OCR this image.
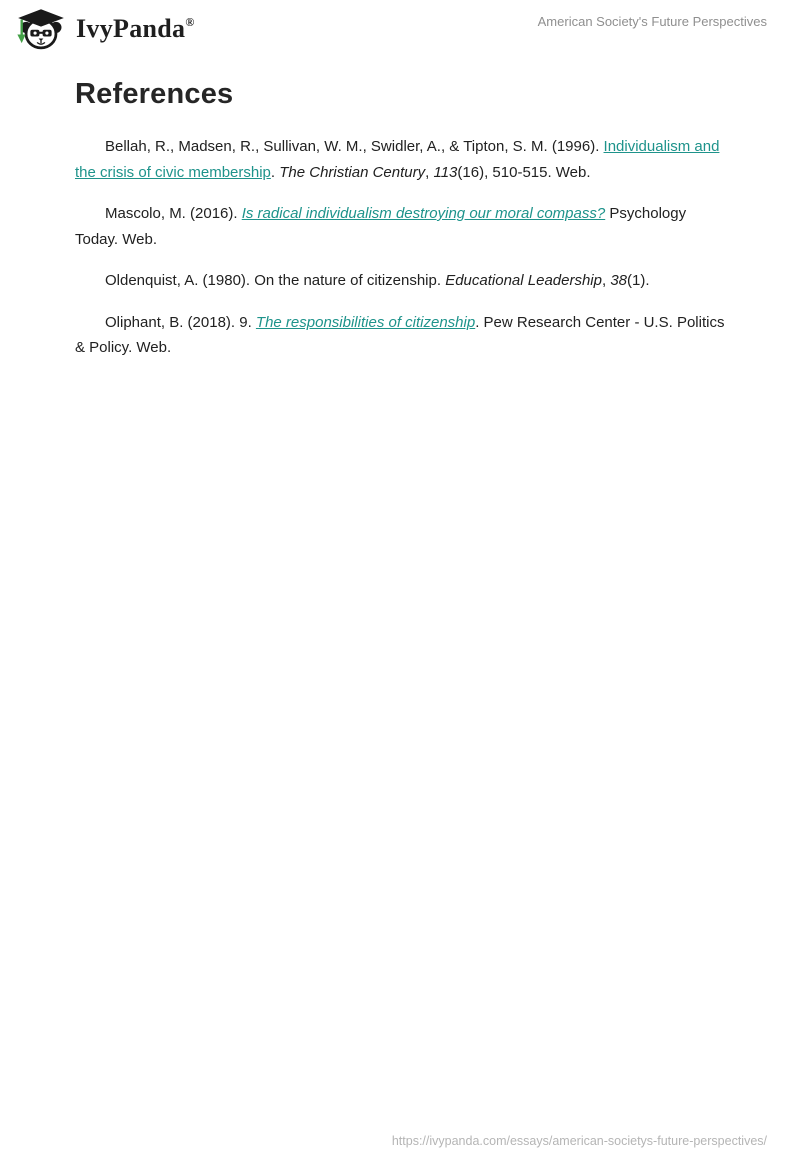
IvyPanda®	American Society's Future Perspectives
References

Bellah, R., Madsen, R., Sullivan, W. M., Swidler, A., & Tipton, S. M. (1996). Individualism and the crisis of civic membership. The Christian Century, 113(16), 510-515. Web.

Mascolo, M. (2016). Is radical individualism destroying our moral compass? Psychology Today. Web.

Oldenquist, A. (1980). On the nature of citizenship. Educational Leadership, 38(1).

Oliphant, B. (2018). 9. The responsibilities of citizenship. Pew Research Center - U.S. Politics & Policy. Web.

https://ivypanda.com/essays/american-societys-future-perspectives/
